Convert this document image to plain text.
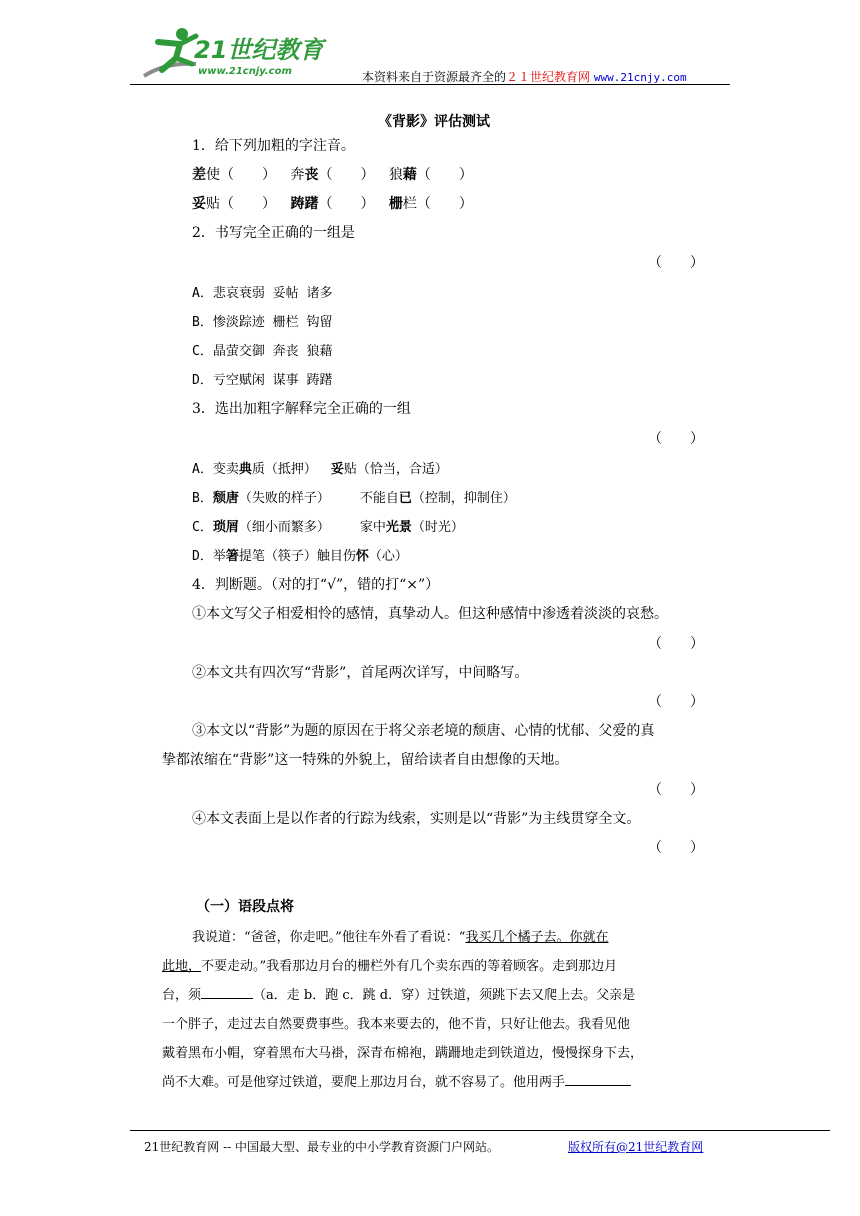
21世纪教育
www.21cnjy.com	本资料来自于资源最齐全的２１世纪教育网 www.21cnjy.com
《背影》评估测试
1．给下列加粗的字注音。
差使（　　） 奔丧（　　） 狼藉（　　）
妥贴（　　） 踌躇（　　） 栅栏（　　）
2．书写完全正确的一组是
（　　）
A．悲哀衰弱 妥帖 诸多
B．惨淡踪迹 栅栏 钩留
C．晶萤交御 奔丧 狼藉
D．亏空赋闲 谋事 踌躇
3．选出加粗字解释完全正确的一组
（　　）
A．变卖典质（抵押） 妥贴（恰当，合适）
B．颓唐（失败的样子） 不能自已（控制，抑制住）
C．琐屑（细小而繁多） 家中光景（时光）
D．举箸提笔（筷子）触目伤怀（心）
4．判断题。（对的打“√”，错的打“×”）
①本文写父子相爱相怜的感情，真挚动人。但这种感情中渗透着淡淡的哀愁。
（　　）
②本文共有四次写“背影”，首尾两次详写，中间略写。
（　　）
③本文以“背影”为题的原因在于将父亲老境的颓唐、心情的忧郁、父爱的真
挚都浓缩在“背影”这一特殊的外貌上，留给读者自由想像的天地。
（　　）
④本文表面上是以作者的行踪为线索，实则是以“背影”为主线贯穿全文。
（　　）
（一）语段点将
我说道：“爸爸，你走吧。”他往车外看了看说：“我买几个橘子去。你就在
此地，不要走动。”我看那边月台的栅栏外有几个卖东西的等着顾客。走到那边月
台，须	（a．走 b．跑 c．跳 d．穿）过铁道，须跳下去又爬上去。父亲是
一个胖子，走过去自然要费事些。我本来要去的，他不肯，只好让他去。我看见他
戴着黑布小帽，穿着黑布大马褂，深青布棉袍，蹒跚地走到铁道边，慢慢探身下去，
尚不大难。可是他穿过铁道，要爬上那边月台，就不容易了。他用两手
21世纪教育网 -- 中国最大型、最专业的中小学教育资源门户网站。	版权所有@21世纪教育网
